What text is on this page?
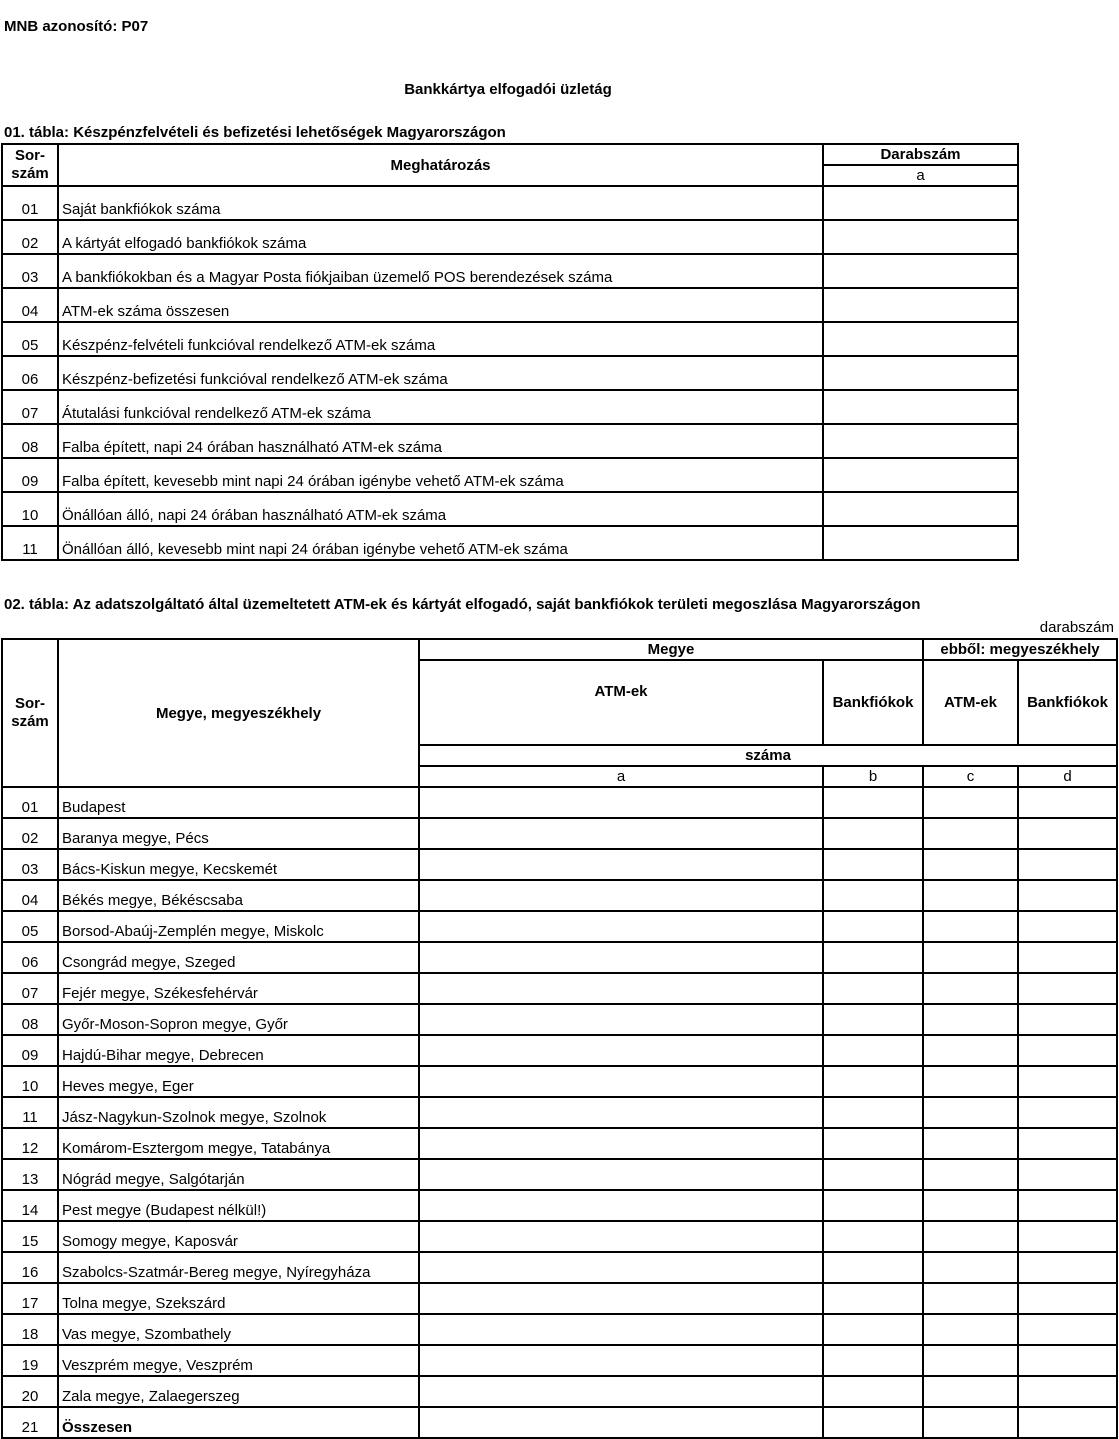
MNB azonosító: P07
Bankkártya elfogadói üzletág
01. tábla: Készpénzfelvételi és befizetési lehetőségek Magyarországon
Sor-
szám	Meghatározás	Darabszám
		a
01	Saját bankfiókok száma	
02	A kártyát elfogadó bankfiókok száma	
03	A bankfiókokban és a Magyar Posta fiókjaiban üzemelő POS berendezések száma	
04	ATM-ek száma összesen	
05	Készpénz-felvételi funkcióval rendelkező ATM-ek száma	
06	Készpénz-befizetési funkcióval rendelkező ATM-ek száma	
07	Átutalási funkcióval rendelkező ATM-ek száma	
08	Falba épített, napi 24 órában használható ATM-ek száma	
09	Falba épített, kevesebb mint napi 24 órában igénybe vehető ATM-ek száma	
10	Önállóan álló, napi 24 órában használható ATM-ek száma	
11	Önállóan álló, kevesebb mint napi 24 órában igénybe vehető ATM-ek száma	
02. tábla: Az adatszolgáltató által üzemeltetett ATM-ek és kártyát elfogadó, saját bankfiókok területi megoszlása Magyarországon
darabszám
Sor-
szám	Megye, megyeszékhely	Megye		ebből: megyeszékhely	
		ATM-ek	Bankfiókok	ATM-ek	Bankfiókok
		száma			
		a	b	c	d
01	Budapest				
02	Baranya megye, Pécs				
03	Bács-Kiskun megye, Kecskemét				
04	Békés megye, Békéscsaba				
05	Borsod-Abaúj-Zemplén megye, Miskolc				
06	Csongrád megye, Szeged				
07	Fejér megye, Székesfehérvár				
08	Győr-Moson-Sopron megye, Győr				
09	Hajdú-Bihar megye, Debrecen				
10	Heves megye, Eger				
11	Jász-Nagykun-Szolnok megye, Szolnok				
12	Komárom-Esztergom megye, Tatabánya				
13	Nógrád megye, Salgótarján				
14	Pest megye (Budapest nélkül!)				
15	Somogy megye, Kaposvár				
16	Szabolcs-Szatmár-Bereg megye, Nyíregyháza				
17	Tolna megye, Szekszárd				
18	Vas megye, Szombathely				
19	Veszprém megye, Veszprém				
20	Zala megye, Zalaegerszeg				
21	Összesen				
